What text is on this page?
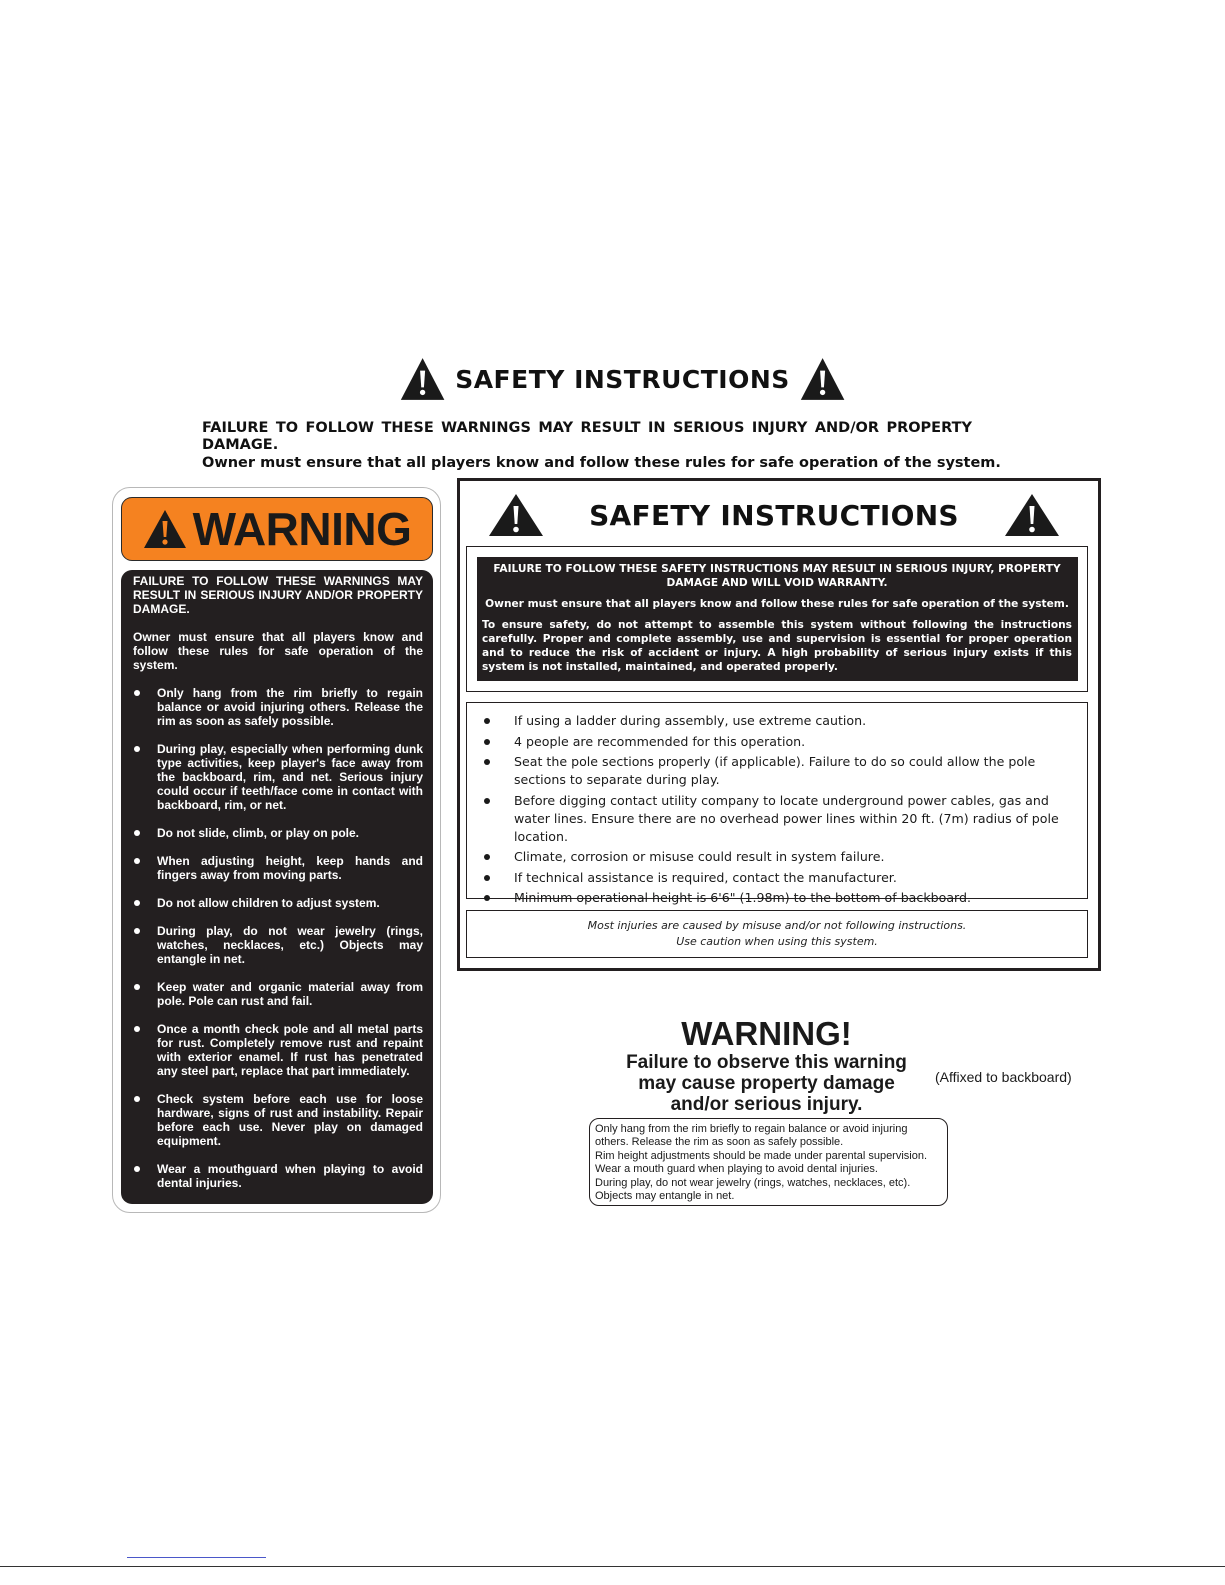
SAFETY INSTRUCTIONS
FAILURE TO FOLLOW THESE WARNINGS MAY RESULT IN SERIOUS INJURY AND/OR PROPERTY
DAMAGE.
Owner must ensure that all players know and follow these rules for safe operation of the system.
WARNING

FAILURE TO FOLLOW THESE WARNINGS MAY RESULT IN SERIOUS INJURY AND/OR PROPERTY DAMAGE.

Owner must ensure that all players know and follow these rules for safe operation of the system.

Only hang from the rim briefly to regain balance or avoid injuring others. Release the rim as soon as safely possible.
During play, especially when performing dunk type activities, keep player's face away from the backboard, rim, and net. Serious injury could occur if teeth/face come in contact with backboard, rim, or net.
Do not slide, climb, or play on pole.
When adjusting height, keep hands and fingers away from moving parts.
Do not allow children to adjust system.
During play, do not wear jewelry (rings, watches, necklaces, etc.) Objects may entangle in net.
Keep water and organic material away from pole. Pole can rust and fail.
Once a month check pole and all metal parts for rust. Completely remove rust and repaint with exterior enamel. If rust has penetrated any steel part, replace that part immediately.
Check system before each use for loose hardware, signs of rust and instability. Repair before each use. Never play on damaged equipment.
Wear a mouthguard when playing to avoid dental injuries.
SAFETY INSTRUCTIONS
FAILURE TO FOLLOW THESE SAFETY INSTRUCTIONS MAY RESULT IN SERIOUS INJURY, PROPERTY DAMAGE AND WILL VOID WARRANTY.
Owner must ensure that all players know and follow these rules for safe operation of the system.
To ensure safety, do not attempt to assemble this system without following the instructions carefully. Proper and complete assembly, use and supervision is essential for proper operation and to reduce the risk of accident or injury. A high probability of serious injury exists if this system is not installed, maintained, and operated properly.
If using a ladder during assembly, use extreme caution.
4 people are recommended for this operation.
Seat the pole sections properly (if applicable). Failure to do so could allow the pole sections to separate during play.
Before digging contact utility company to locate underground power cables, gas and water lines. Ensure there are no overhead power lines within 20 ft. (7m) radius of pole location.
Climate, corrosion or misuse could result in system failure.
If technical assistance is required, contact the manufacturer.
Minimum operational height is 6'6" (1.98m) to the bottom of backboard.
Most injuries are caused by misuse and/or not following instructions.
Use caution when using this system.
WARNING!
Failure to observe this warning
may cause property damage
and/or serious injury.
(Affixed to backboard)
Only hang from the rim briefly to regain balance or avoid injuring
others. Release the rim as soon as safely possible.
Rim height adjustments should be made under parental supervision.
Wear a mouth guard when playing to avoid dental injuries.
During play, do not wear jewelry (rings, watches, necklaces, etc).
Objects may entangle in net.
